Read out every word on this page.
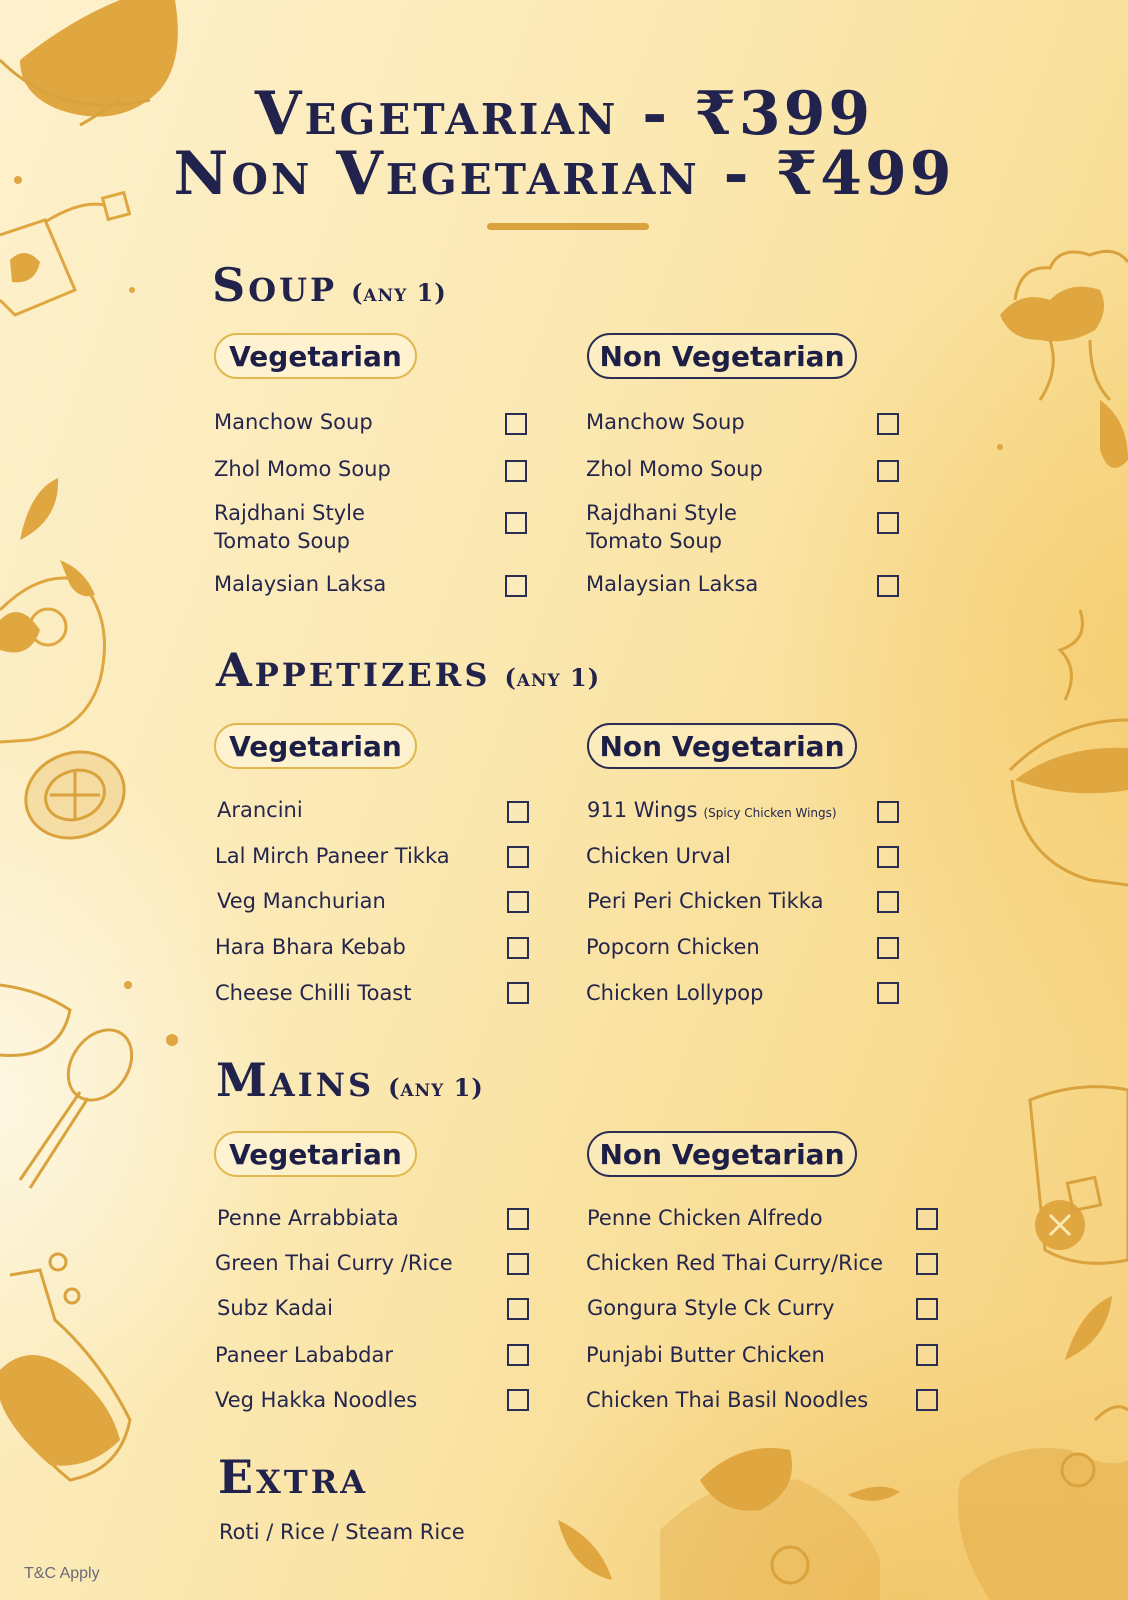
Vegetarian - ₹399
Non Vegetarian - ₹499
Soup (any 1)
Vegetarian	Non Vegetarian
Manchow Soup
Zhol Momo Soup
Rajdhani Style
Tomato Soup
Malaysian Laksa
Manchow Soup
Zhol Momo Soup
Rajdhani Style
Tomato Soup
Malaysian Laksa
Appetizers (any 1)
Vegetarian	Non Vegetarian
Arancini
Lal Mirch Paneer Tikka
Veg Manchurian
Hara Bhara Kebab
Cheese Chilli Toast
911 Wings (Spicy Chicken Wings)
Chicken Urval
Peri Peri Chicken Tikka
Popcorn Chicken
Chicken Lollypop
Mains (any 1)
Vegetarian	Non Vegetarian
Penne Arrabbiata
Green Thai Curry /Rice
Subz Kadai
Paneer Lababdar
Veg Hakka Noodles
Penne Chicken Alfredo
Chicken Red Thai Curry/Rice
Gongura Style Ck Curry
Punjabi Butter Chicken
Chicken Thai Basil Noodles
Extra
Roti / Rice / Steam Rice
T&C Apply
